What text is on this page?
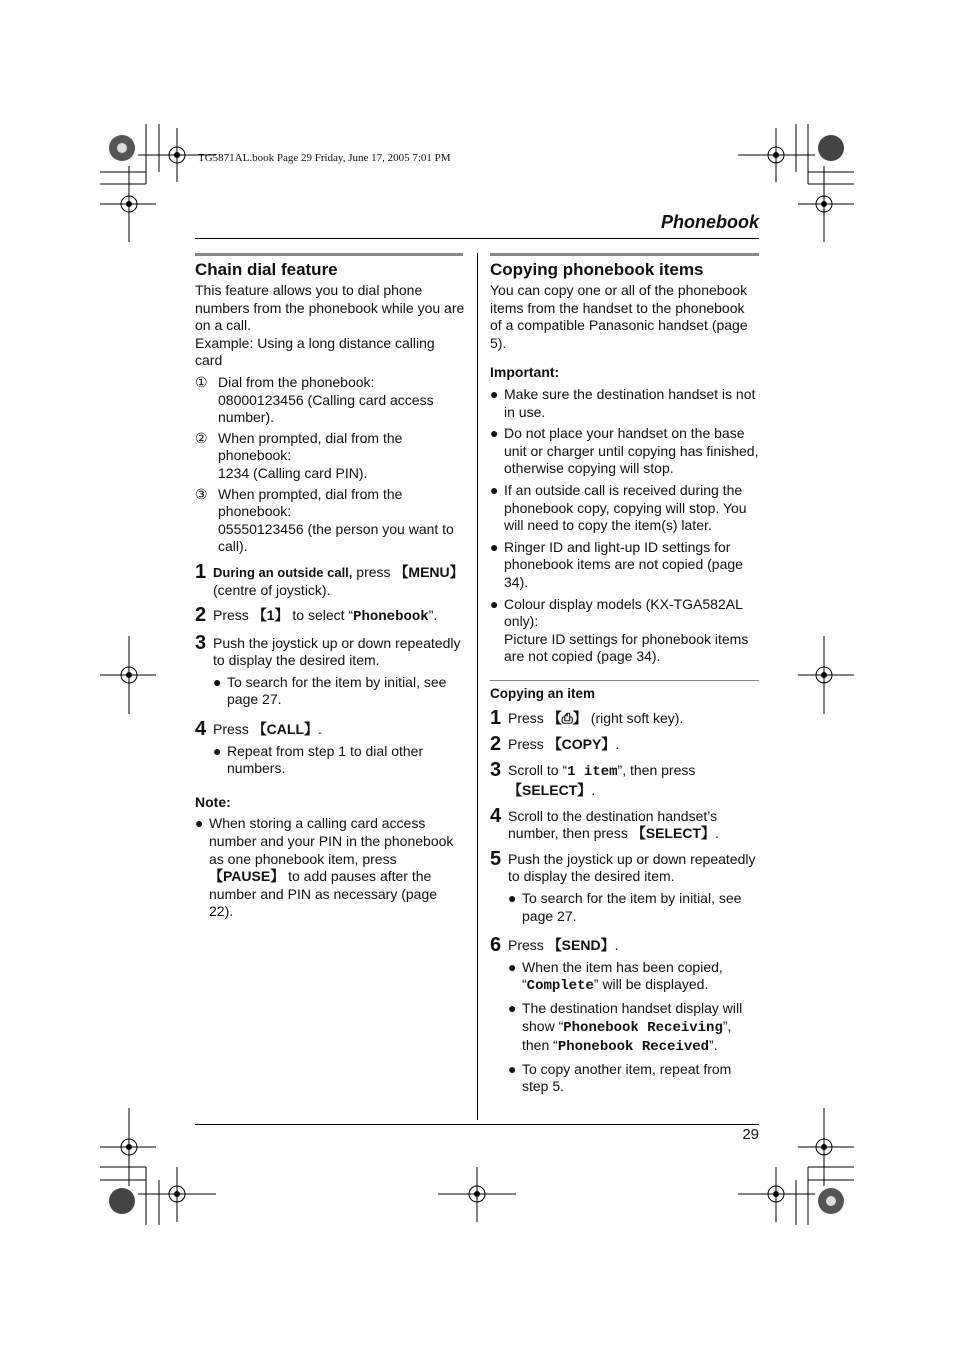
TG5871AL.book Page 29 Friday, June 17, 2005 7:01 PM
Phonebook
Chain dial feature

This feature allows you to dial phone numbers from the phonebook while you are on a call.

Example: Using a long distance calling card

① Dial from the phonebook:
08000123456 (Calling card access number).
② When prompted, dial from the phonebook:
1234 (Calling card PIN).
③ When prompted, dial from the phonebook:
05550123456 (the person you want to call).
1 During an outside call, press 【MENU】 (centre of joystick).
2 Press 【1】 to select “Phonebook”.
3 Push the joystick up or down repeatedly to display the desired item.
● To search for the item by initial, see page 27.
4 Press 【CALL】.
● Repeat from step 1 to dial other numbers.

Note:

● When storing a calling card access number and your PIN in the phonebook as one phonebook item, press 【PAUSE】 to add pauses after the number and PIN as necessary (page 22).
Copying phonebook items

You can copy one or all of the phonebook items from the handset to the phonebook of a compatible Panasonic handset (page 5).

Important:

● Make sure the destination handset is not in use.
● Do not place your handset on the base unit or charger until copying has finished, otherwise copying will stop.
● If an outside call is received during the phonebook copy, copying will stop. You will need to copy the item(s) later.
● Ringer ID and light-up ID settings for phonebook items are not copied (page 34).
● Colour display models (KX-TGA582AL only):
Picture ID settings for phonebook items are not copied (page 34).

Copying an item

1 Press 【⎙】 (right soft key).
2 Press 【COPY】.
3 Scroll to “1 item”, then press 【SELECT】.
4 Scroll to the destination handset’s number, then press 【SELECT】.
5 Push the joystick up or down repeatedly to display the desired item.
● To search for the item by initial, see page 27.
6 Press 【SEND】.
● When the item has been copied, “Complete” will be displayed.
● The destination handset display will show “Phonebook Receiving”, then “Phonebook Received”.
● To copy another item, repeat from step 5.
29
